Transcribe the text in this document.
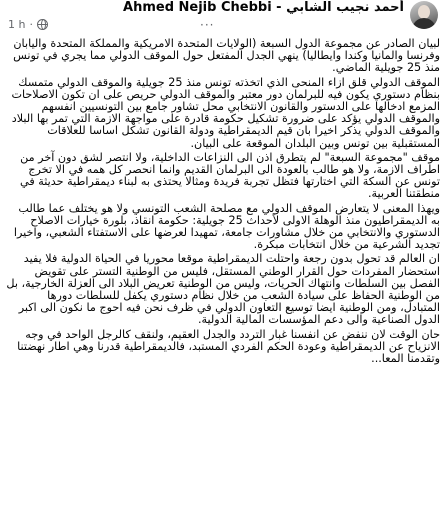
Ahmed Nejib Chebbi - أحمد نجيب الشابي
1 h ·	···

لبيان الصادر عن مجموعة الدول السبعة (الولايات المتحدة الامريكية والمملكة المتحدة واليابان وفرنسا والمانيا وكندا وايطاليا) ينهي الجدل المفتعل حول الموقف الدولي مما يجري في تونس منذ 25 جويلية الماضي.

الموقف الدولي قلق ازاء المنحى الذي اتخذته تونس منذ 25 جويلية والموقف الدولي متمسك بنظام دستوري يكون فيه للبرلمان دور معتبر والموقف الدولي حريص على ان تكون الاصلاحات المزمع ادخالها على الدستور والقانون الانتخابي محل تشاور جامع بين التونسيين انفسهم والموقف الدولي يؤكد على ضرورة تشكيل حكومة قادرة على مواجهة الازمة التي تمر بها البلاد والموقف الدولي يذكر اخيرا بان قيم الديمقراطية ودولة القانون تشكل اساسا للعلاقات المستقبلية بين تونس وبين البلدان الموقعة على البيان.

موقف "مجموعة السبعة" لم يتطرق اذن الى النزاعات الداخلية، ولا انتصر لشق دون آخر من اطراف الازمة، ولا هو طالب بالعودة الى البرلمان القديم وانما انحصر كل همه في الا تخرج تونس عن السكة التي اختارتها فتظل تجربة فريدة ومثالا يحتذى به لبناء ديمقراطية حديثة في منطقتنا العربية.

ويهذا المعنى لا يتعارض الموقف الدولي مع مصلحة الشعب التونسي ولا هو يختلف عما طالب به الديمقراطيون منذ الوهلة الاولى لأحداث 25 جويلية: حكومة انقاذ، بلورة خيارات الاصلاح الدستوري والانتخابي من خلال مشاورات جامعة، تمهيدا لعرضها على الاستفتاء الشعبي، واخيرا تجديد الشرعية من خلال انتخابات مبكرة.

ان العالم قد تحول بدون رجعة واحتلت الديمقراطية موقعا محوريا في الحياة الدولية فلا يفيد استحضار المفردات حول القرار الوطني المستقل، فليس من الوطنية التستر على تقويض الفصل بين السلطات وانتهاك الحريات، وليس من الوطنية تعريض البلاد الى العزلة الخارجية، بل من الوطنية الحفاظ على سيادة الشعب من خلال نظام دستوري يكفل للسلطات دورها المتبادل، ومن الوطنية ايضا توسيع التعاون الدولي في ظرف نحن فيه احوج ما نكون الى اكبر الدول الصناعية والى دعم المؤسسات المالية الدولية.

حان الوقت لان ننفض عن انفسنا غبار التردد والجدل العقيم، ولنقف كالرجل الواحد في وجه الانزياح عن الديمقراطية وعودة الحكم الفردي المستبد، فالديمقراطية قدرنا وهي اطار نهضتنا وتقدمنا المعا...
